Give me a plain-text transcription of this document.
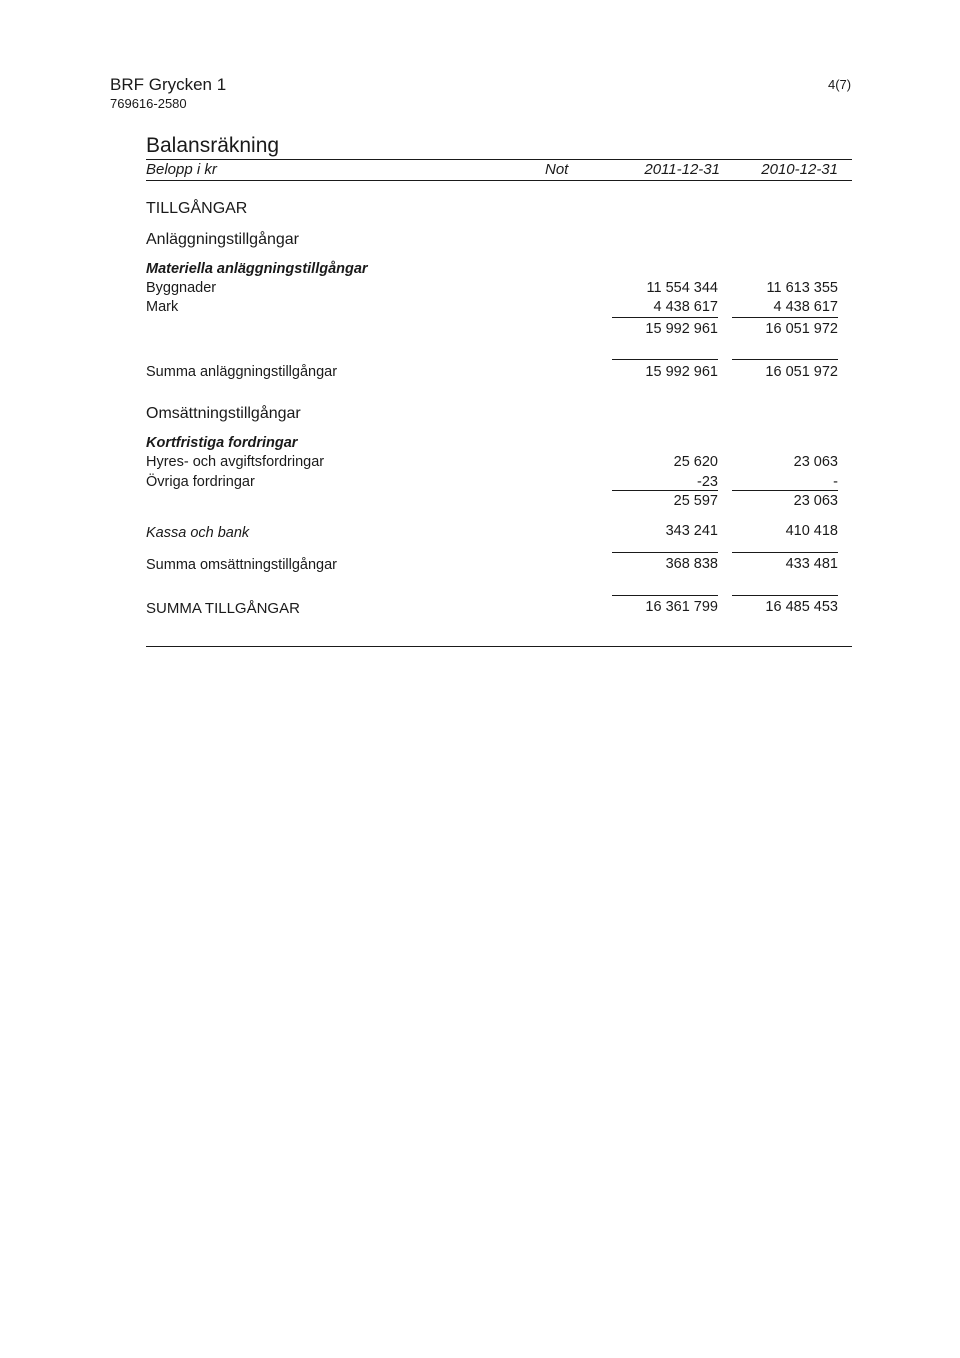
BRF Grycken 1
769616-2580
4(7)
Balansräkning
Belopp i kr	Not	2011-12-31	2010-12-31
TILLGÅNGAR
Anläggningstillgångar
Materiella anläggningstillgångar
Byggnader	11 554 344	11 613 355
Mark	4 438 617	4 438 617
15 992 961	16 051 972
Summa anläggningstillgångar	15 992 961	16 051 972
Omsättningstillgångar
Kortfristiga fordringar
Hyres- och avgiftsfordringar	25 620	23 063
Övriga fordringar	-23	-
25 597	23 063
Kassa och bank	343 241	410 418
Summa omsättningstillgångar	368 838	433 481
SUMMA TILLGÅNGAR	16 361 799	16 485 453
